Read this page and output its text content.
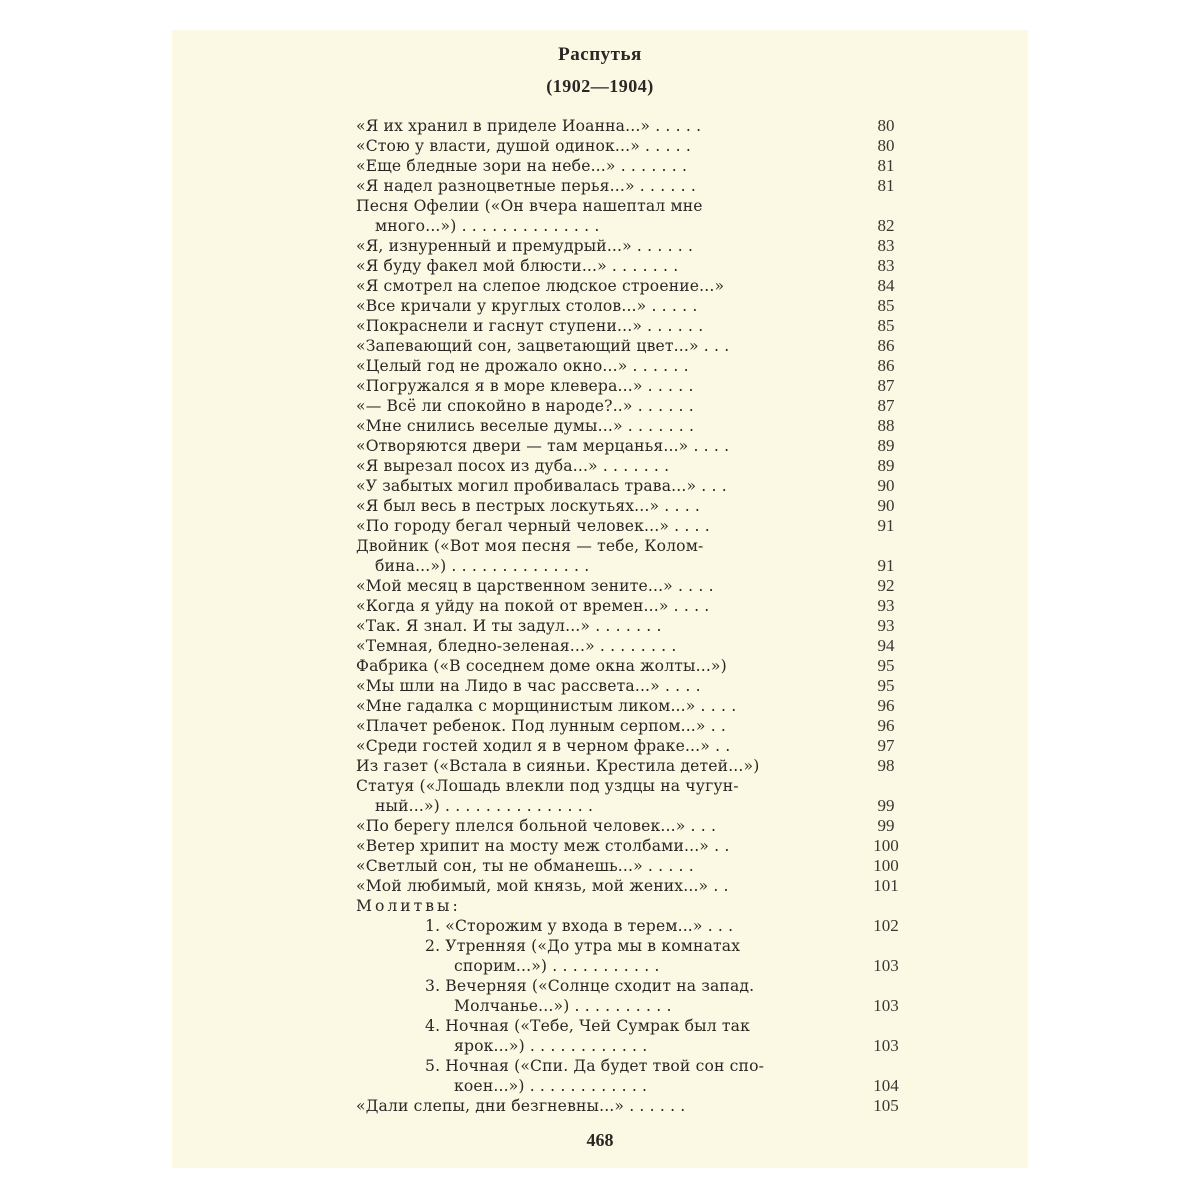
Распутья
(1902—1904)
«Я их хранил в приделе Иоанна...» . . . . .	80
«Стою у власти, душой одинок...» . . . . .	80
«Еще бледные зори на небе...» . . . . . . .	81
«Я надел разноцветные перья...» . . . . . .	81
Песня Офелии («Он вчера нашептал мне
много...») . . . . . . . . . . . . . .	82
«Я, изнуренный и премудрый...» . . . . . .	83
«Я буду факел мой блюсти...» . . . . . . .	83
«Я смотрел на слепое людское строение...»	84
«Все кричали у круглых столов...» . . . . .	85
«Покраснели и гаснут ступени...» . . . . . .	85
«Запевающий сон, зацветающий цвет...» . . .	86
«Целый год не дрожало окно...» . . . . . .	86
«Погружался я в море клевера...» . . . . .	87
«— Всё ли спокойно в народе?..» . . . . . .	87
«Мне снились веселые думы...» . . . . . . .	88
«Отворяются двери — там мерцанья...» . . . .	89
«Я вырезал посох из дуба...» . . . . . . .	89
«У забытых могил пробивалась трава...» . . .	90
«Я был весь в пестрых лоскутьях...» . . . .	90
«По городу бегал черный человек...» . . . .	91
Двойник («Вот моя песня — тебе, Колом-
бина...») . . . . . . . . . . . . . .	91
«Мой месяц в царственном зените...» . . . .	92
«Когда я уйду на покой от времен...» . . . .	93
«Так. Я знал. И ты задул...» . . . . . . .	93
«Темная, бледно-зеленая...» . . . . . . . .	94
Фабрика («В соседнем доме окна жолты...»)	95
«Мы шли на Лидо в час рассвета...» . . . .	95
«Мне гадалка с морщинистым ликом...» . . . .	96
«Плачет ребенок. Под лунным серпом...» . .	96
«Среди гостей ходил я в черном фраке...» . .	97
Из газет («Встала в сияньи. Крестила детей...»)	98
Статуя («Лошадь влекли под уздцы на чугун-
ный...») . . . . . . . . . . . . . . .	99
«По берегу плелся больной человек...» . . .	99
«Ветер хрипит на мосту меж столбами...» . .	100
«Светлый сон, ты не обманешь...» . . . . .	100
«Мой любимый, мой князь, мой жених...» . .	101
Молитвы:
1. «Сторожим у входа в терем...» . . .	102
2. Утренняя («До утра мы в комнатах
спорим...») . . . . . . . . . . .	103
3. Вечерняя («Солнце сходит на запад.
Молчанье...») . . . . . . . . . .	103
4. Ночная («Тебе, Чей Сумрак был так
ярок...») . . . . . . . . . . . .	103
5. Ночная («Спи. Да будет твой сон спо-
коен...») . . . . . . . . . . . .	104
«Дали слепы, дни безгневны...» . . . . . .	105
468
